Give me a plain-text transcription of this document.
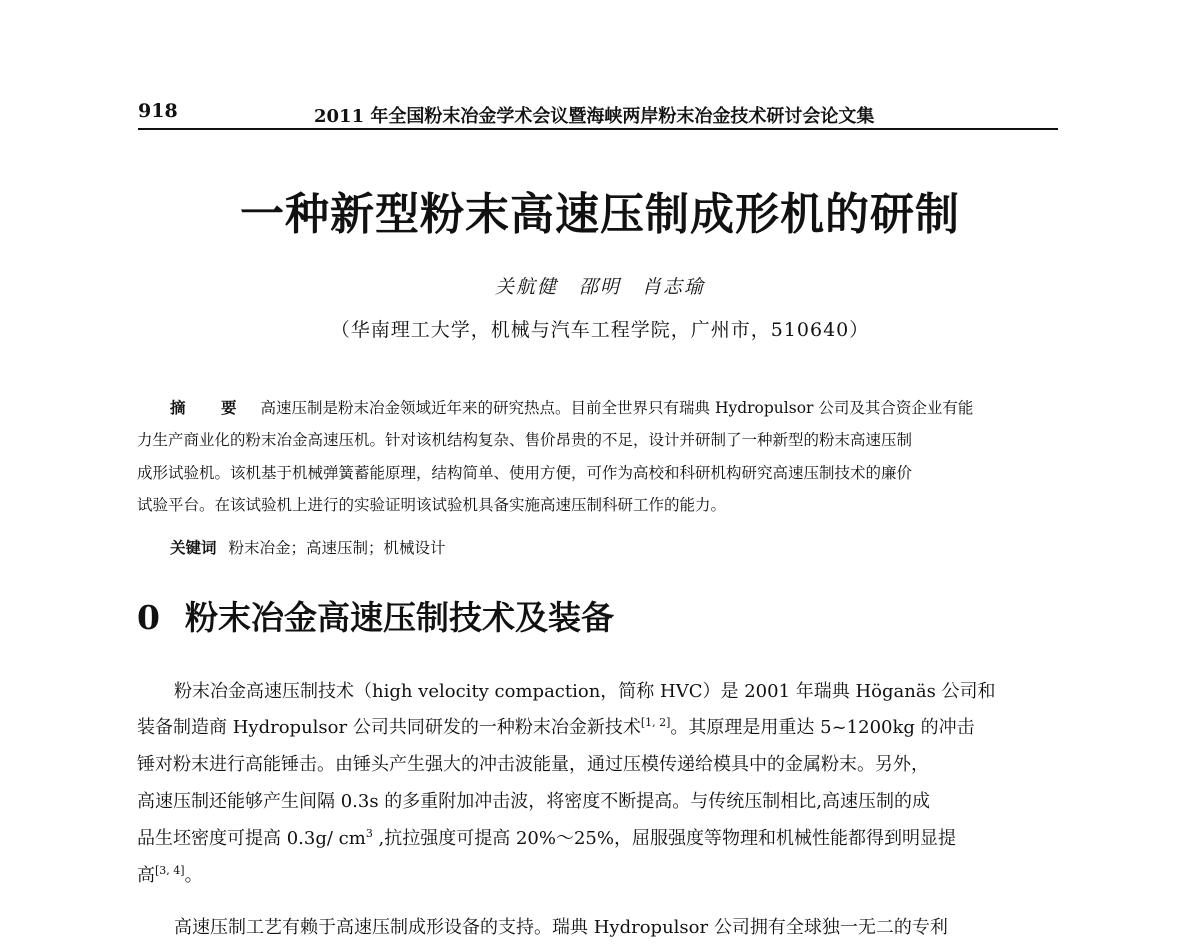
918	2011 年全国粉末冶金学术会议暨海峡两岸粉末冶金技术研讨会论文集
一种新型粉末高速压制成形机的研制
关航健　邵明　肖志瑜
（华南理工大学，机械与汽车工程学院，广州市，510640）
摘　要 高速压制是粉末冶金领域近年来的研究热点。目前全世界只有瑞典 Hydropulsor 公司及其合资企业有能
力生产商业化的粉末冶金高速压机。针对该机结构复杂、售价昂贵的不足，设计并研制了一种新型的粉末高速压制
成形试验机。该机基于机械弹簧蓄能原理，结构简单、使用方便，可作为高校和科研机构研究高速压制技术的廉价
试验平台。在该试验机上进行的实验证明该试验机具备实施高速压制科研工作的能力。
关键词 粉末冶金；高速压制；机械设计
0 粉末冶金高速压制技术及装备
粉末冶金高速压制技术（high velocity compaction，简称 HVC）是 2001 年瑞典 Höganäs 公司和
装备制造商 Hydropulsor 公司共同研发的一种粉末冶金新技术[1, 2]。其原理是用重达 5~1200kg 的冲击
锤对粉末进行高能锤击。由锤头产生强大的冲击波能量，通过压模传递给模具中的金属粉末。另外，
高速压制还能够产生间隔 0.3s 的多重附加冲击波，将密度不断提高。与传统压制相比,高速压制的成
品生坯密度可提高 0.3g/ $cm^3$ ,抗拉强度可提高 20%～25%，屈服强度等物理和机械性能都得到明显提
高[3, 4]。
高速压制工艺有赖于高速压制成形设备的支持。瑞典 Hydropulsor 公司拥有全球独一无二的专利
